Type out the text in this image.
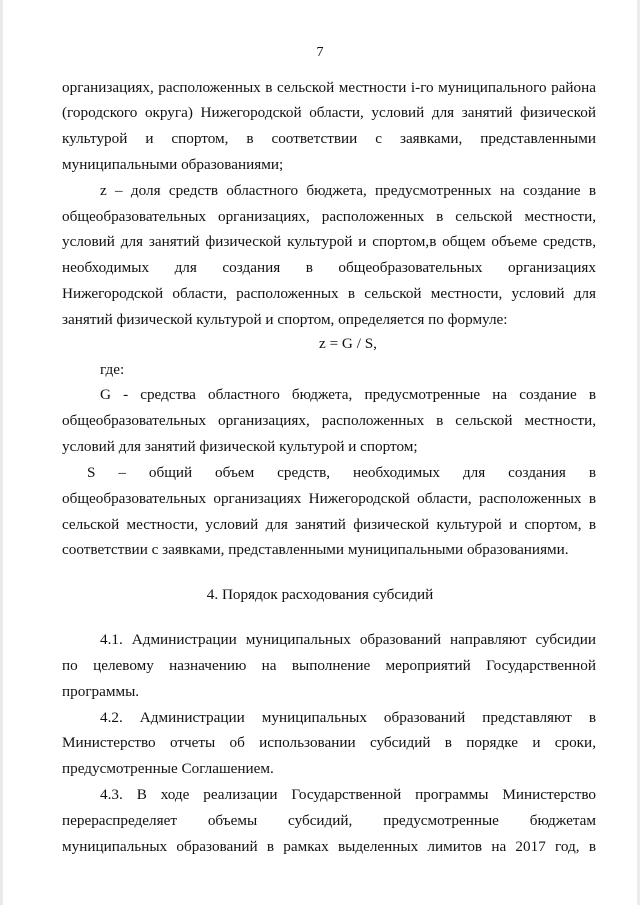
7
организациях, расположенных в сельской местности i-го муниципального района
(городского округа) Нижегородской области, условий для занятий физической
культурой и спортом, в соответствии с заявками, представленными
муниципальными образованиями;
z – доля средств областного бюджета, предусмотренных на создание в
общеобразовательных организациях, расположенных в сельской местности,
условий для занятий физической культурой и спортом,в общем объеме средств,
необходимых для создания в общеобразовательных организациях
Нижегородской области, расположенных в сельской местности, условий для
занятий физической культурой и спортом, определяется по формуле:
z = G / S,
где:
G - средства областного бюджета, предусмотренные на создание в
общеобразовательных организациях, расположенных в сельской местности,
условий для занятий физической культурой и спортом;
S – общий объем средств, необходимых для создания в
общеобразовательных организациях Нижегородской области, расположенных в
сельской местности, условий для занятий физической культурой и спортом, в
соответствии с заявками, представленными муниципальными образованиями.
4. Порядок расходования субсидий
4.1. Администрации муниципальных образований направляют субсидии
по целевому назначению на выполнение мероприятий Государственной
программы.
4.2. Администрации муниципальных образований представляют в
Министерство отчеты об использовании субсидий в порядке и сроки,
предусмотренные Соглашением.
4.3. В ходе реализации Государственной программы Министерство
перераспределяет объемы субсидий, предусмотренные бюджетам
муниципальных образований в рамках выделенных лимитов на 2017 год, в
